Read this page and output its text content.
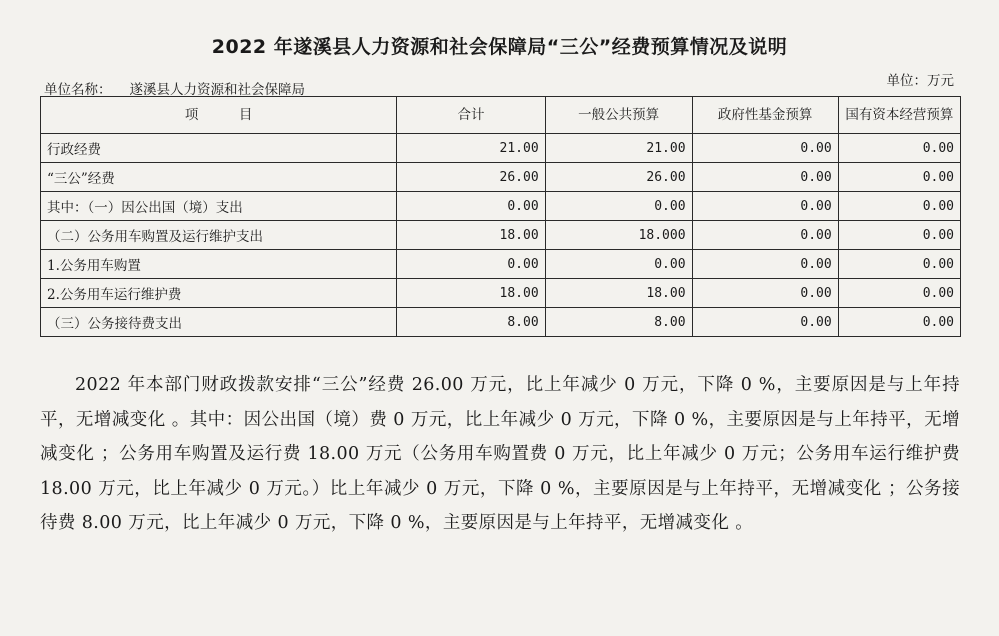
2022 年遂溪县人力资源和社会保障局“三公”经费预算情况及说明
单位名称： 遂溪县人力资源和社会保障局
单位：万元
项　　　目	合计	一般公共预算	政府性基金预算	国有资本经营预算
行政经费	21.00	21.00	0.00	0.00
“三公”经费	26.00	26.00	0.00	0.00
其中：（一）因公出国（境）支出	0.00	0.00	0.00	0.00
（二）公务用车购置及运行维护支出	18.00	18.000	0.00	0.00
1.公务用车购置	0.00	0.00	0.00	0.00
2.公务用车运行维护费	18.00	18.00	0.00	0.00
（三）公务接待费支出	8.00	8.00	0.00	0.00
2022 年本部门财政拨款安排“三公”经费 26.00 万元，比上年减少 0 万元，下降 0 %，主要原因是与上年持平，无增减变化 。其中：因公出国（境）费 0 万元，比上年减少 0 万元，下降 0 %，主要原因是与上年持平，无增减变化 ；公务用车购置及运行费 18.00 万元（公务用车购置费 0 万元，比上年减少 0 万元；公务用车运行维护费 18.00 万元，比上年减少 0 万元。）比上年减少 0 万元，下降 0 %，主要原因是与上年持平，无增减变化 ；公务接待费 8.00 万元，比上年减少 0 万元，下降 0 %，主要原因是与上年持平，无增减变化 。
